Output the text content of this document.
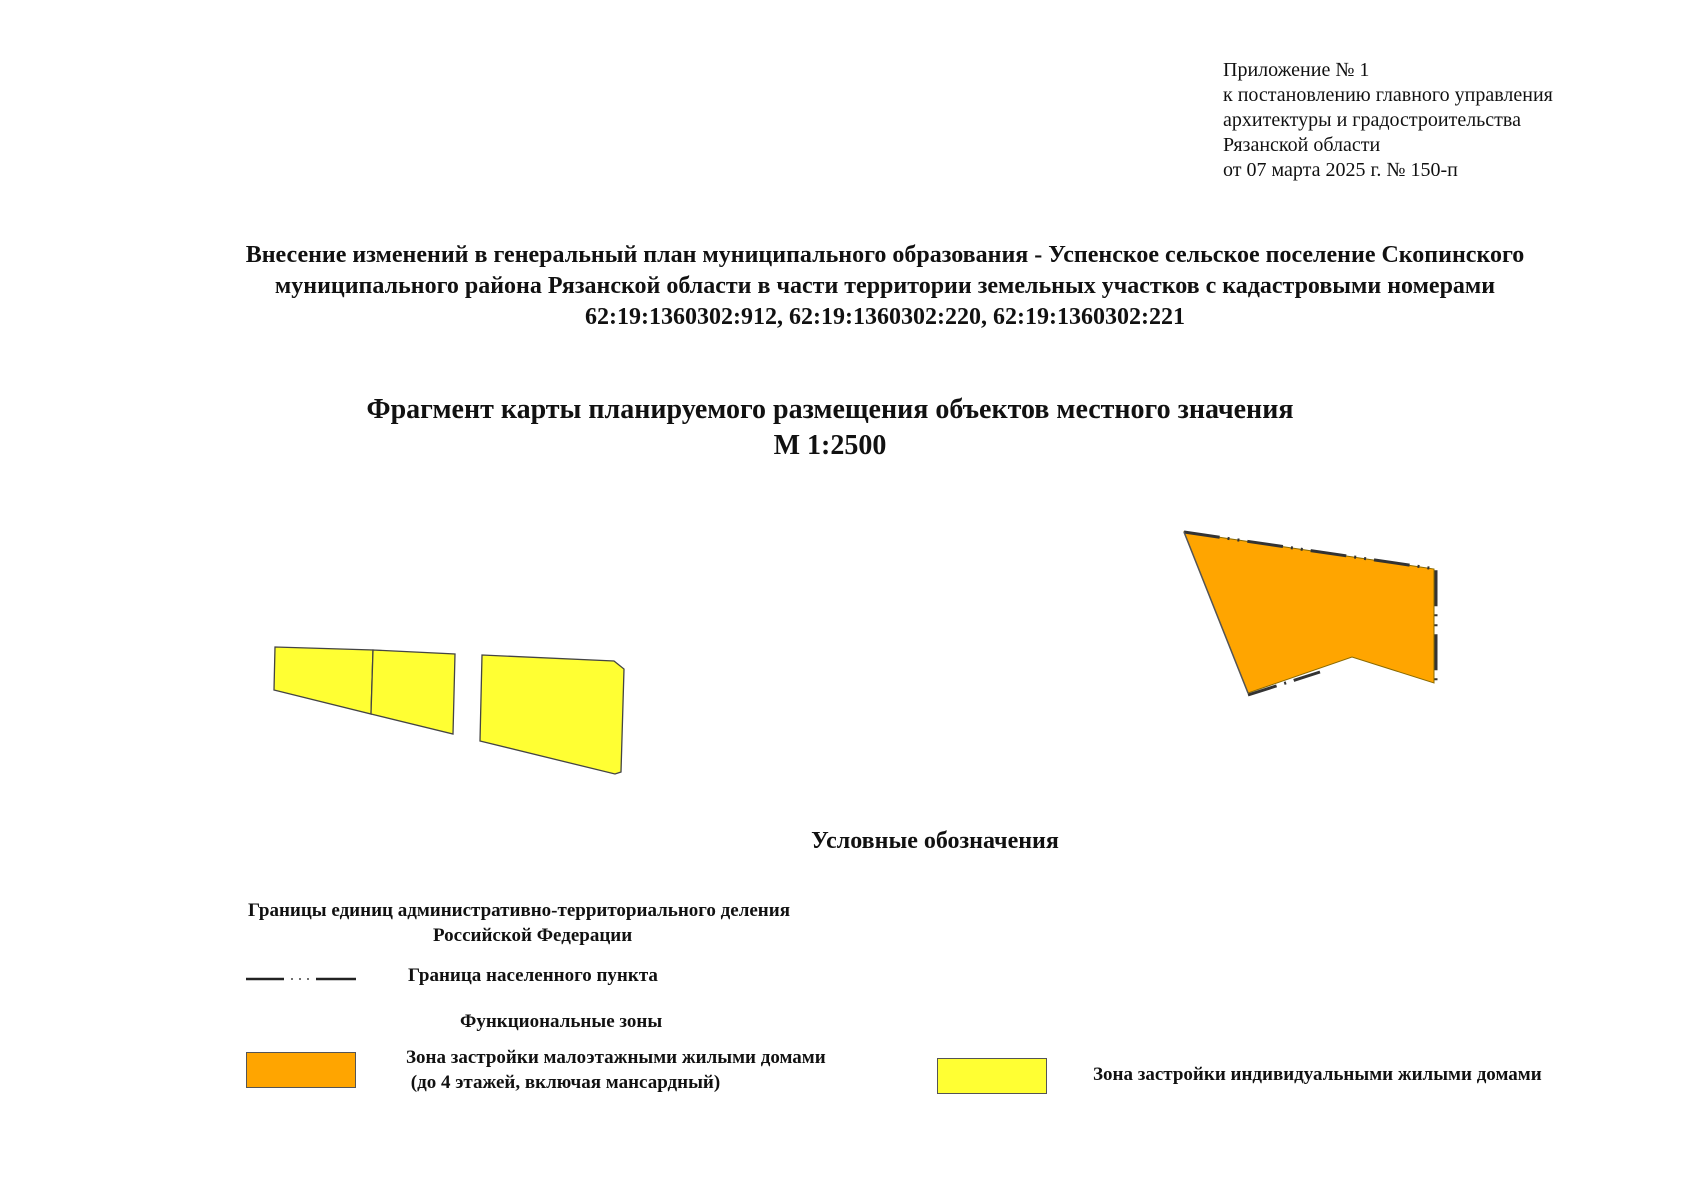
Приложение № 1
к постановлению главного управления
архитектуры и градостроительства
Рязанской области
от 07 марта 2025 г. № 150-п
Внесение изменений в генеральный план муниципального образования - Успенское сельское поселение Скопинского
муниципального района Рязанской области в части территории земельных участков с кадастровыми номерами
62:19:1360302:912, 62:19:1360302:220, 62:19:1360302:221
Фрагмент карты планируемого размещения объектов местного значения
М 1:2500
Условные обозначения
Границы единиц административно-территориального деления
Российской Федерации
Граница населенного пункта
Функциональные зоны
Зона застройки малоэтажными жилыми домами
(до 4 этажей, включая мансардный)	Зона застройки индивидуальными жилыми домами
